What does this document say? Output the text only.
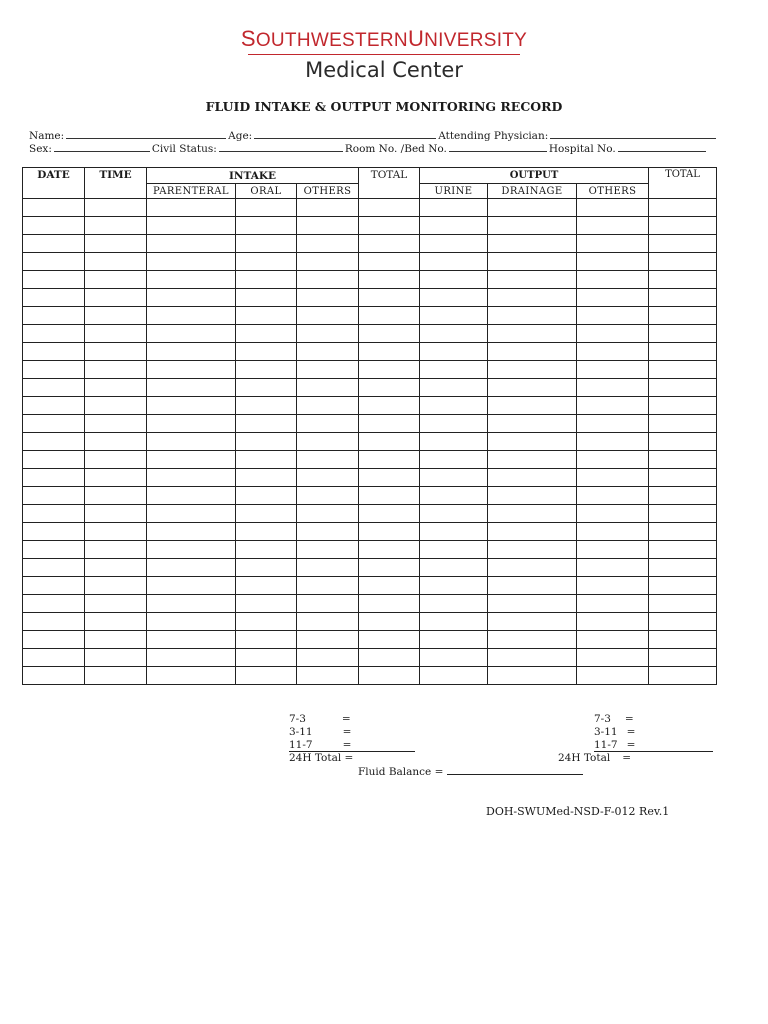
SOUTHWESTERNUNIVERSITY
Medical Center
FLUID INTAKE & OUTPUT MONITORING RECORD
Name:	Age:	Attending Physician:
Sex:	Civil Status:	Room No. /Bed No.	Hospital No.
DATE	TIME	INTAKE			TOTAL	OUTPUT			TOTAL
		PARENTERAL	ORAL	OTHERS		URINE	DRAINAGE	OTHERS	

7-3	=
3-11	=
11-7	=
24H Total =
7-3 =
3-11 =
11-7 =
24H Total =
Fluid Balance =
DOH-SWUMed-NSD-F-012 Rev.1
